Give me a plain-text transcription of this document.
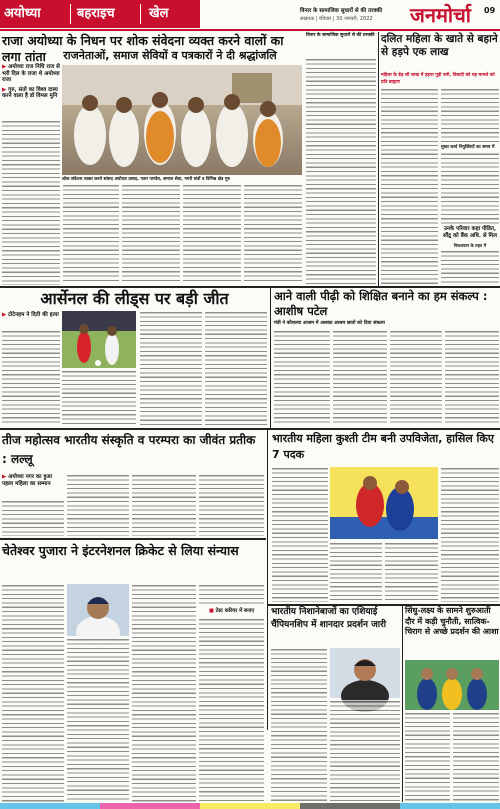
अयोध्या	बहराइच	खेल	विनार के सामाजिक सुधारों से की तरक्की
लखनऊ | रविवार | 30 जनवरी, 2022	जनमोर्चा	09
राजा अयोध्या के निधन पर शोक संवेदना व्यक्त करने वालों का लगा तांता	राजनेताओं, समाज सेवियों व पत्रकारों ने दी श्रद्धांजलि
▶ अयोध्या राज निधि राज से भरी दिल के राजा थे अयोध्या राजा
▶ गुरु, संतो का विश्व दास्य करने वाला है डॉ विमल मुनि
शोक संवेदना व्यक्त करते सांसद अयोध्या प्रसाद, पवन पाण्डेय, समाज सेवा, नगरी संतों व विभिन्न क्षेत्र गुरु
विनार के सामाजिक सुधारों से की तरक्की दलित महिला के खाते से बहाने से हड़पे एक लाख
महिला के डेढ़ सौ लाख में हड़पा गुड़ी बनी, विवादी को यह मामले को प्रति ब्राह्मण
मुख्य कार्य नियुक्तियों का समय में
उनके परिवार कहा पीडित, सौंद्र्र को बैंक अधि. से मिल
निकलवान के तहत में
आर्सेनल की लीड्स पर बड़ी जीत
▶ टोटेनहम ने दिती की हत्या
आने वाली पीढ़ी को शिक्षित बनाने का हम संकल्प : आशीष पटेल
मंत्री ने कौशल्या आश्रम में अशक्त आश्रम छात्रों को दिया संकल्प
तीज महोत्सव भारतीय संस्कृति व परम्परा का जीवंत प्रतीक : लल्लू
▶ अयोध्या नगर का हुआ पहला महिला का सम्मान
चेतेश्वर पुजारा ने इंटरनेशनल क्रिकेट से लिया संन्यास
■ टेस्ट करियर में बनाए
भारतीय महिला कुश्ती टीम बनी उपविजेता, हासिल किए 7 पदक
भारतीय निशानेबाजों का एशियाई चैंपियनशिप में शानदार प्रदर्शन जारी
सिंधु-लक्ष्य के सामने शुरुआती दौर में कड़ी चुनौती, सात्विक-चिराग से अच्छे प्रदर्शन की आशा
